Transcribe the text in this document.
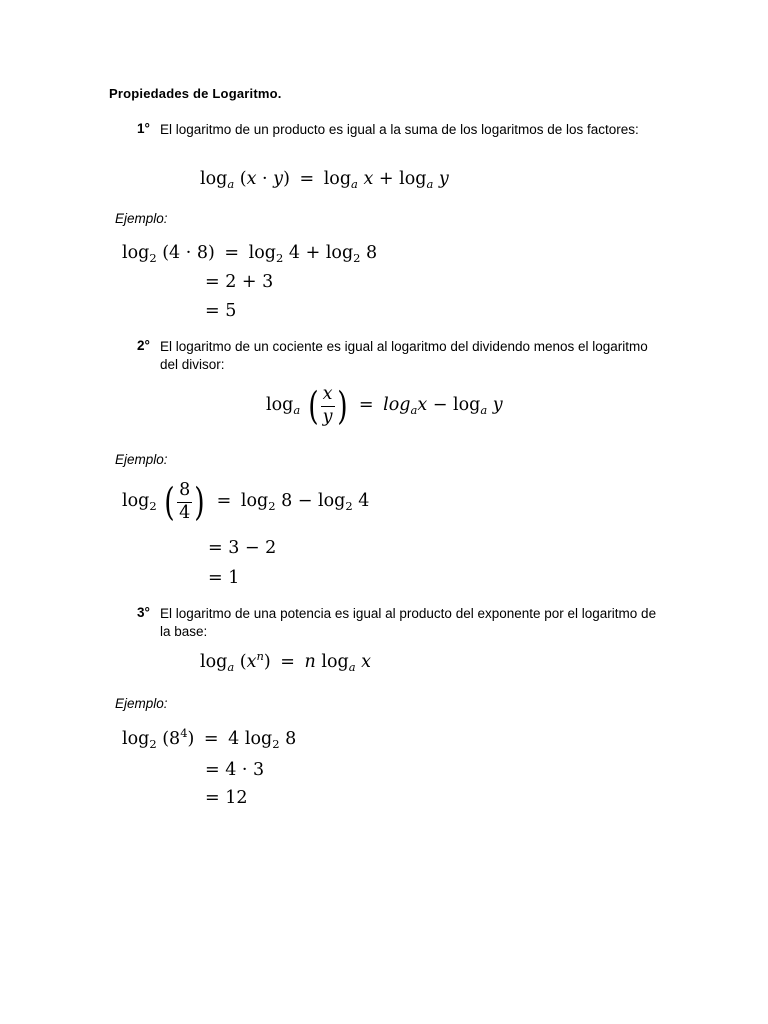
Propiedades de Logaritmo.
1° El logaritmo de un producto es igual a la suma de los logaritmos de los factores:
$\log_a (x \cdot y) = \log_a x + \log_a y$
Ejemplo:
$\log_2 (4 \cdot 8) = \log_2 4 + \log_2 8$
= 2 + 3
= 5
2° El logaritmo de un cociente es igual al logaritmo del dividendo menos el logaritmo del divisor:
$\log_a$ ( $\frac{x}{y}$ ) = $\log_ax - \log_a y$
Ejemplo:
$\log_2$ ( $\frac{8}{4}$ ) = $\log_2 8 - \log_2 4$
= 3 − 2
= 1
3° El logaritmo de una potencia es igual al producto del exponente por el logaritmo de la base:
$\log_a (x^n) = n$ $\log_a x$
Ejemplo:
$\log_2 (8^4) = 4$ $\log_2 8$
= 4 · 3
= 12
